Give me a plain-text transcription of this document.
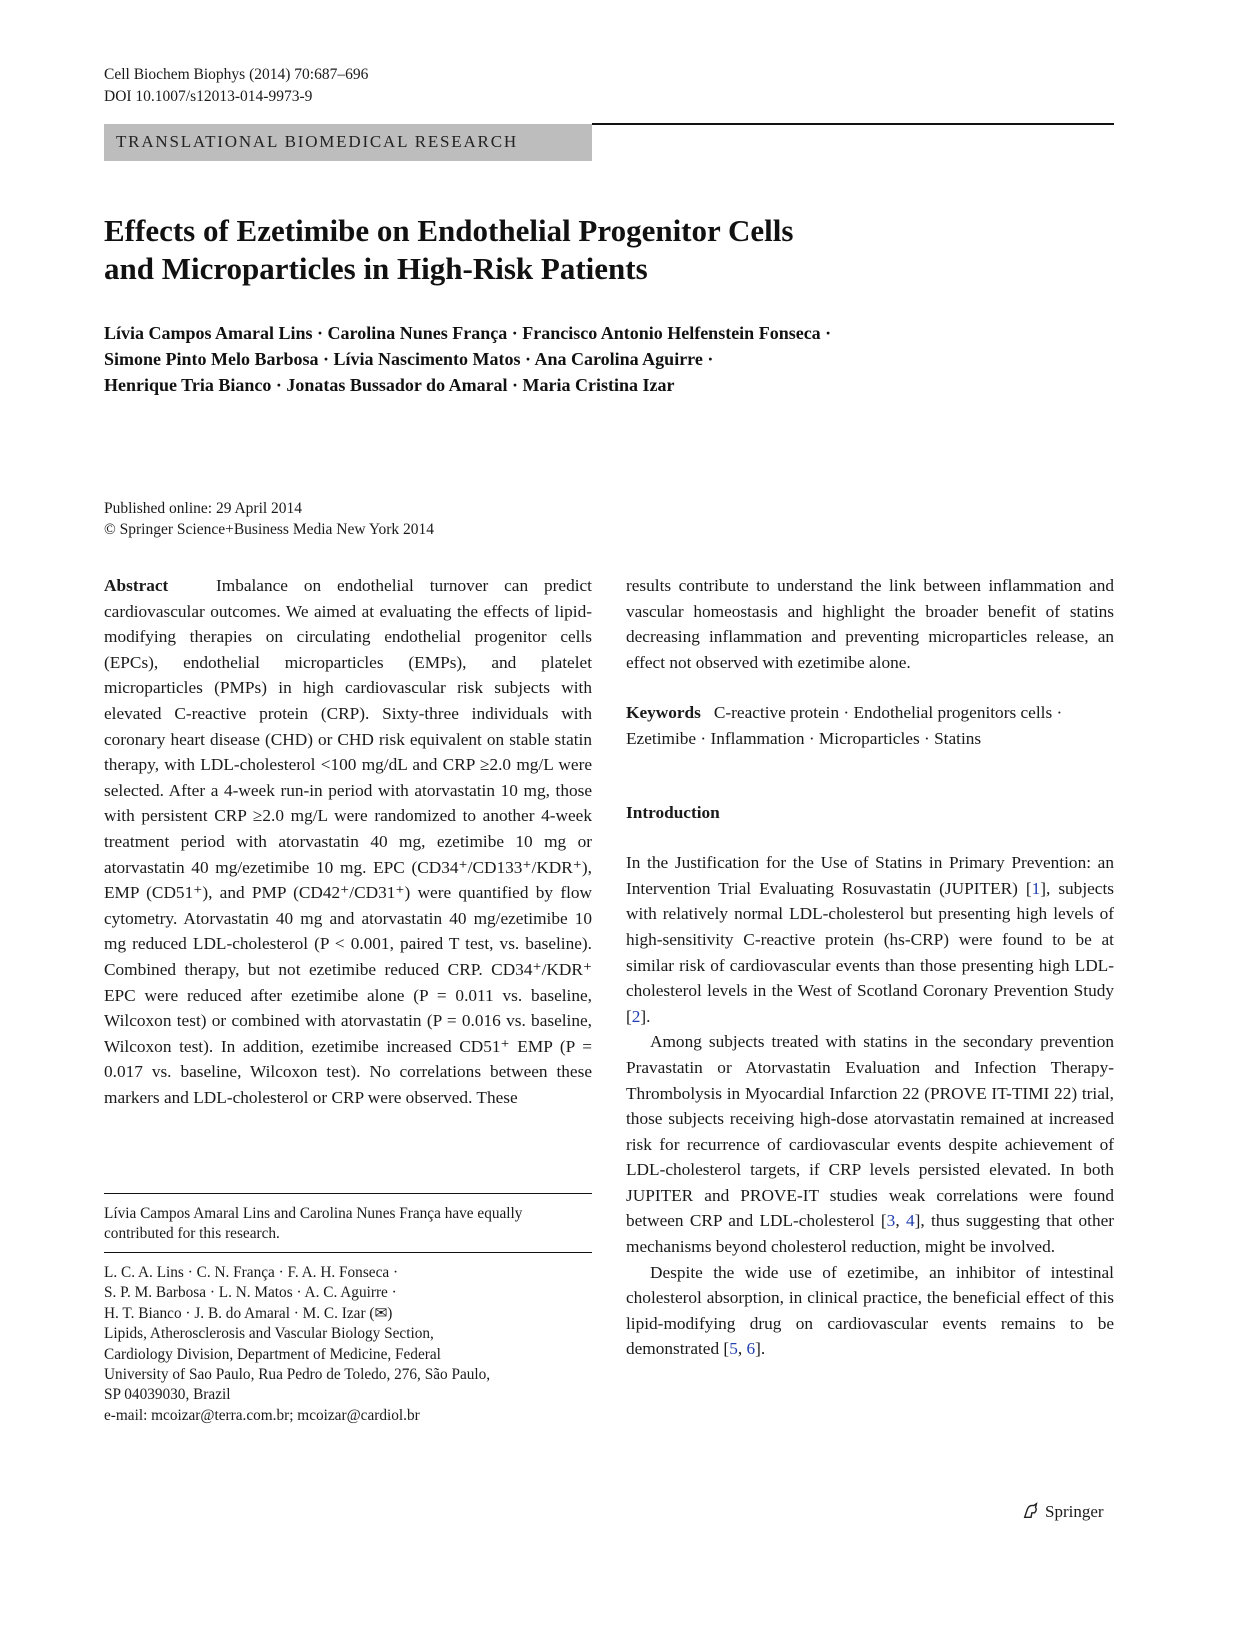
Cell Biochem Biophys (2014) 70:687–696
DOI 10.1007/s12013-014-9973-9
TRANSLATIONAL BIOMEDICAL RESEARCH
Effects of Ezetimibe on Endothelial Progenitor Cells
and Microparticles in High-Risk Patients
Lívia Campos Amaral Lins · Carolina Nunes França · Francisco Antonio Helfenstein Fonseca ·
Simone Pinto Melo Barbosa · Lívia Nascimento Matos · Ana Carolina Aguirre ·
Henrique Tria Bianco · Jonatas Bussador do Amaral · Maria Cristina Izar
Published online: 29 April 2014
© Springer Science+Business Media New York 2014

Abstract	Imbalance on endothelial turnover can predict cardiovascular outcomes. We aimed at evaluating the effects of lipid-modifying therapies on circulating endothelial progenitor cells (EPCs), endothelial microparticles (EMPs), and platelet microparticles (PMPs) in high cardiovascular risk subjects with elevated C-reactive protein (CRP). Sixty-three individuals with coronary heart disease (CHD) or CHD risk equivalent on stable statin therapy, with LDL-cholesterol <100 mg/dL and CRP ≥2.0 mg/L were selected. After a 4-week run-in period with atorvastatin 10 mg, those with persistent CRP ≥2.0 mg/L were randomized to another 4-week treatment period with atorvastatin 40 mg, ezetimibe 10 mg or atorvastatin 40 mg/ezetimibe 10 mg. EPC (CD34⁺/CD133⁺/KDR⁺), EMP (CD51⁺), and PMP (CD42⁺/CD31⁺) were quantified by flow cytometry. Atorvastatin 40 mg and atorvastatin 40 mg/ezetimibe 10 mg reduced LDL-cholesterol (P < 0.001, paired T test, vs. baseline). Combined therapy, but not ezetimibe reduced CRP. CD34⁺/KDR⁺ EPC were reduced after ezetimibe alone (P = 0.011 vs. baseline, Wilcoxon test) or combined with atorvastatin (P = 0.016 vs. baseline, Wilcoxon test). In addition, ezetimibe increased CD51⁺ EMP (P = 0.017 vs. baseline, Wilcoxon test). No correlations between these markers and LDL-cholesterol or CRP were observed. These

Lívia Campos Amaral Lins and Carolina Nunes França have equally contributed for this research.
L. C. A. Lins · C. N. França · F. A. H. Fonseca ·
S. P. M. Barbosa · L. N. Matos · A. C. Aguirre ·
H. T. Bianco · J. B. do Amaral · M. C. Izar (✉)
Lipids, Atherosclerosis and Vascular Biology Section,
Cardiology Division, Department of Medicine, Federal
University of Sao Paulo, Rua Pedro de Toledo, 276, São Paulo,
SP 04039030, Brazil
e-mail: mcoizar@terra.com.br; mcoizar@cardiol.br

results contribute to understand the link between inflammation and vascular homeostasis and highlight the broader benefit of statins decreasing inflammation and preventing microparticles release, an effect not observed with ezetimibe alone.

Keywords C-reactive protein · Endothelial progenitors cells · Ezetimibe · Inflammation · Microparticles · Statins

Introduction

In the Justification for the Use of Statins in Primary Prevention: an Intervention Trial Evaluating Rosuvastatin (JUPITER) [1], subjects with relatively normal LDL-cholesterol but presenting high levels of high-sensitivity C-reactive protein (hs-CRP) were found to be at similar risk of cardiovascular events than those presenting high LDL-cholesterol levels in the West of Scotland Coronary Prevention Study [2].

Among subjects treated with statins in the secondary prevention Pravastatin or Atorvastatin Evaluation and Infection Therapy-Thrombolysis in Myocardial Infarction 22 (PROVE IT-TIMI 22) trial, those subjects receiving high-dose atorvastatin remained at increased risk for recurrence of cardiovascular events despite achievement of LDL-cholesterol targets, if CRP levels persisted elevated. In both JUPITER and PROVE-IT studies weak correlations were found between CRP and LDL-cholesterol [3, 4], thus suggesting that other mechanisms beyond cholesterol reduction, might be involved.

Despite the wide use of ezetimibe, an inhibitor of intestinal cholesterol absorption, in clinical practice, the beneficial effect of this lipid-modifying drug on cardiovascular events remains to be demonstrated [5, 6].

Springer
